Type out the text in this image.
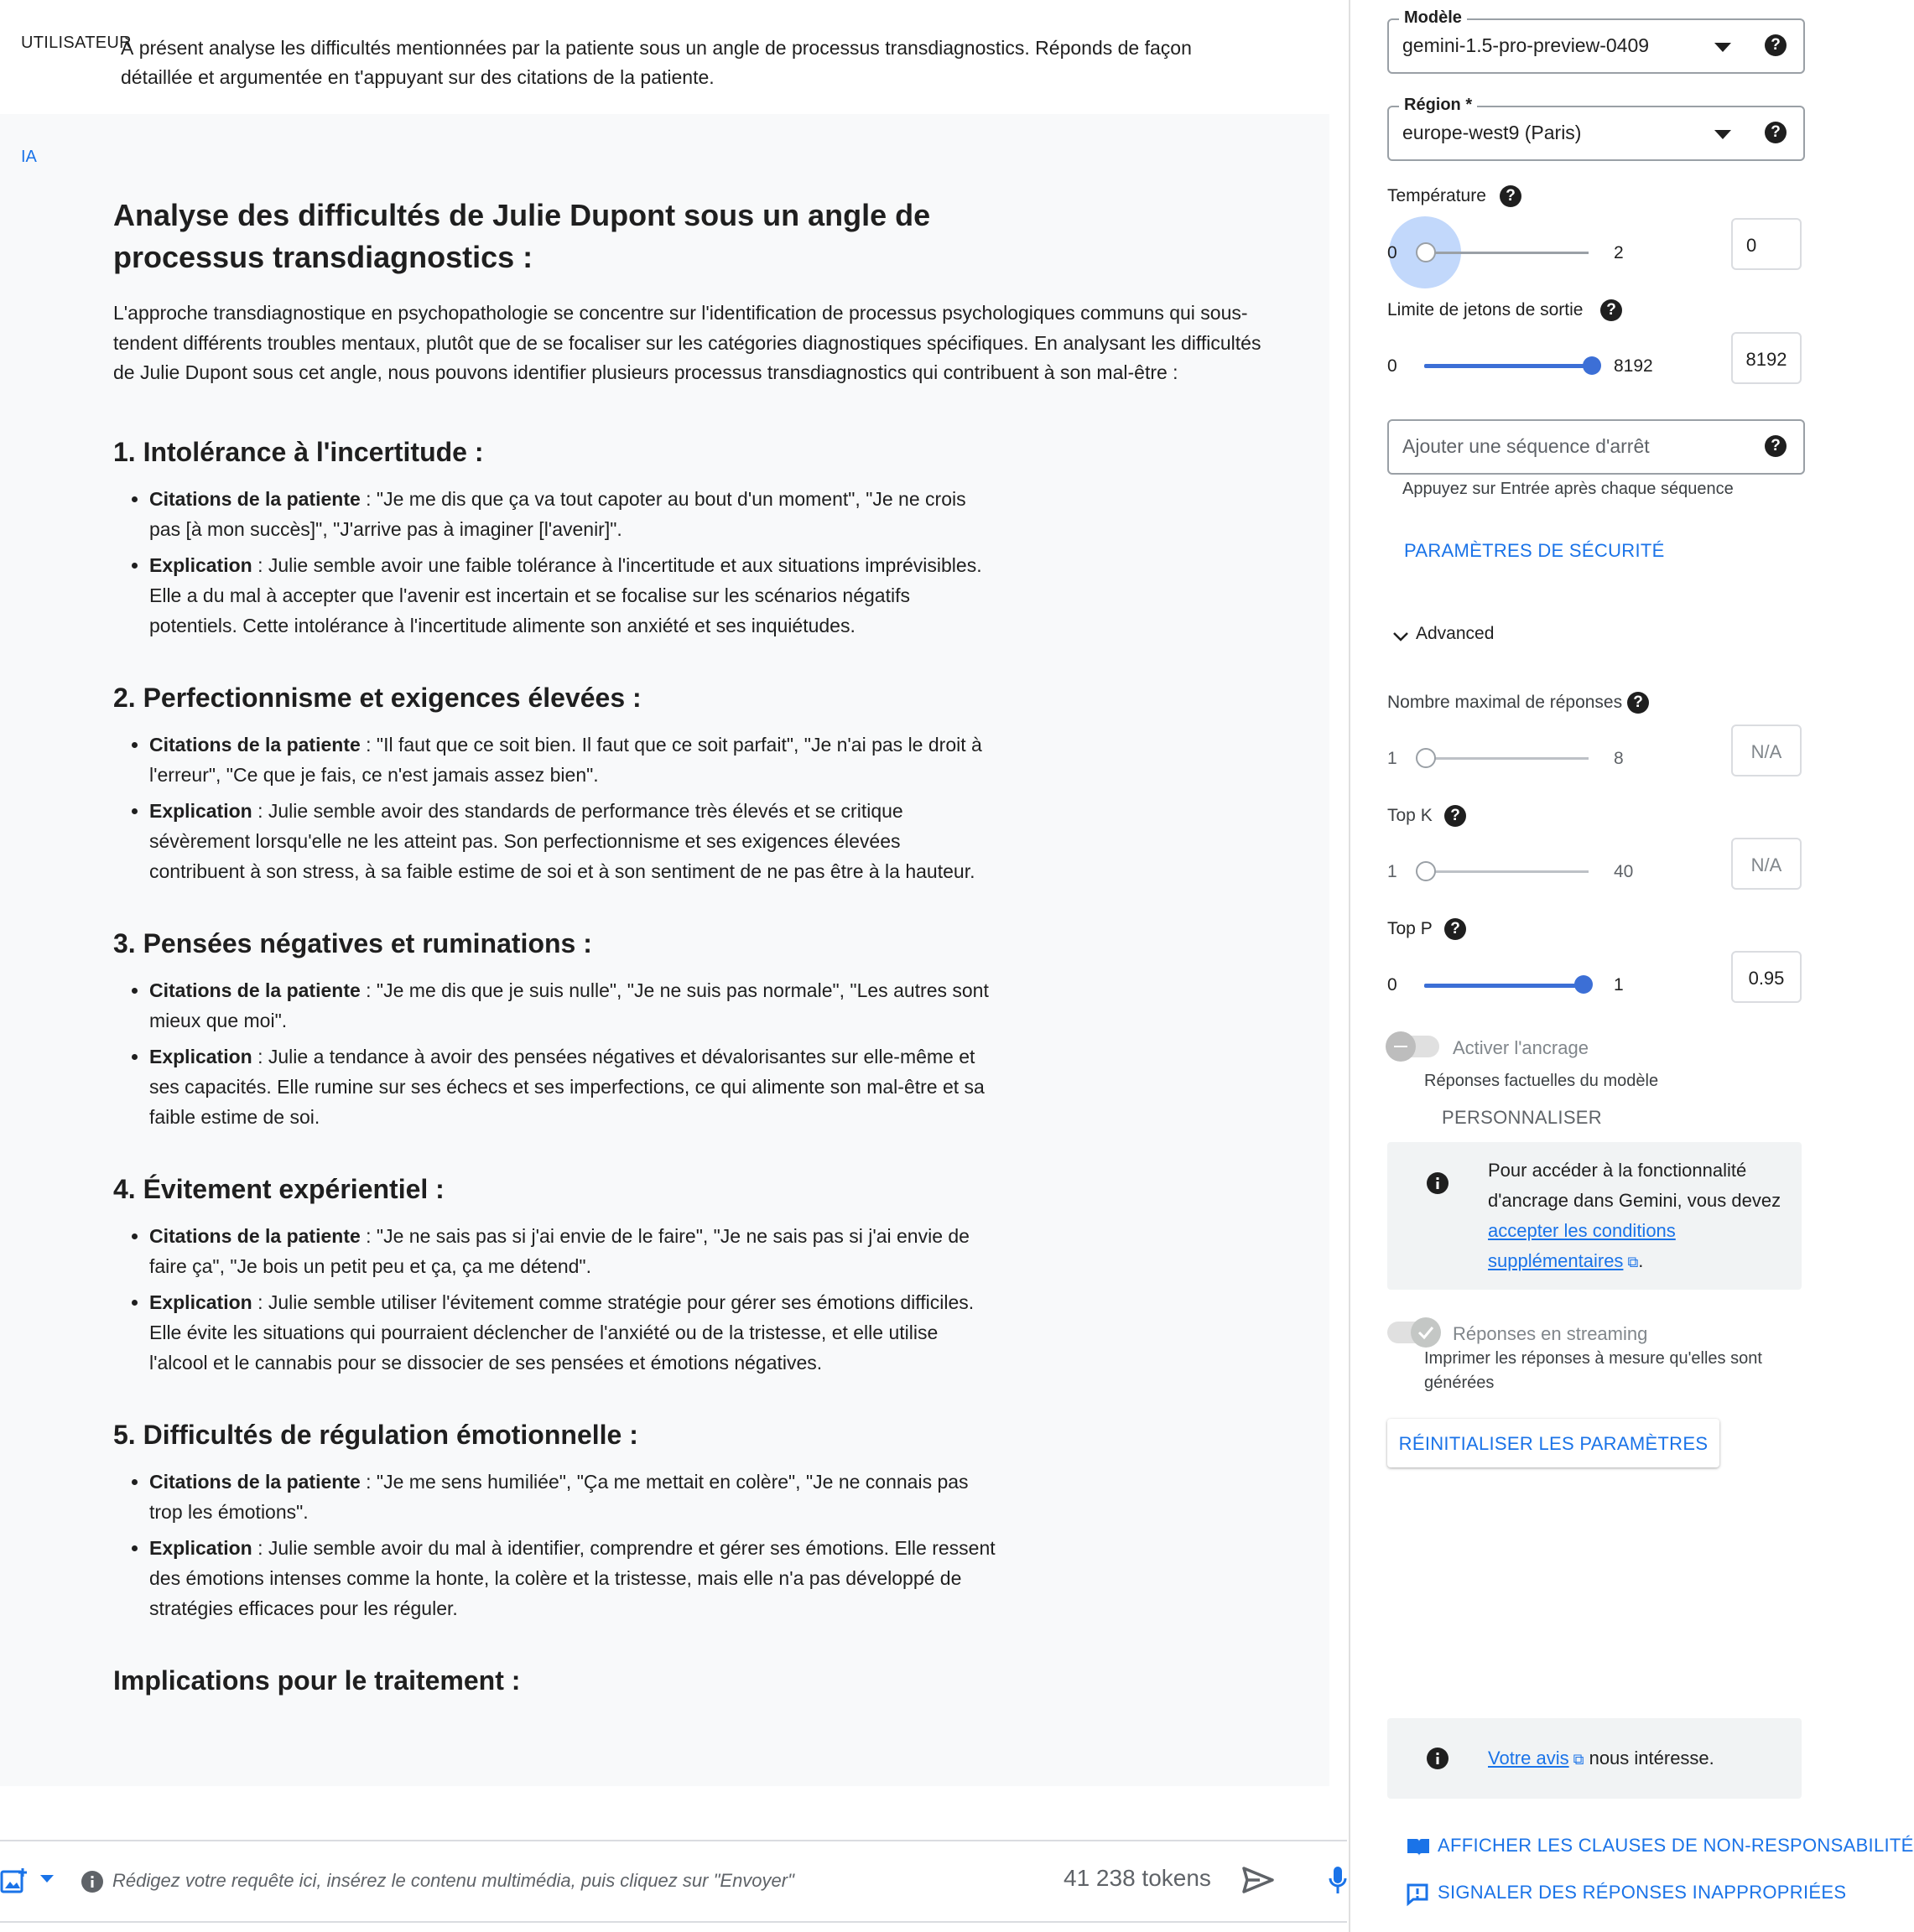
UTILISATEUR
À présent analyse les difficultés mentionnées par la patiente sous un angle de processus transdiagnostics. Réponds de façon détaillée et argumentée en t'appuyant sur des citations de la patiente.
IA
Analyse des difficultés de Julie Dupont sous un angle de processus transdiagnostics :

L'approche transdiagnostique en psychopathologie se concentre sur l'identification de processus psychologiques communs qui sous-tendent différents troubles mentaux, plutôt que de se focaliser sur les catégories diagnostiques spécifiques. En analysant les difficultés de Julie Dupont sous cet angle, nous pouvons identifier plusieurs processus transdiagnostics qui contribuent à son mal-être :

1. Intolérance à l'incertitude :
• Citations de la patiente : "Je me dis que ça va tout capoter au bout d'un moment", "Je ne crois pas [à mon succès]", "J'arrive pas à imaginer [l'avenir]".
• Explication : Julie semble avoir une faible tolérance à l'incertitude et aux situations imprévisibles. Elle a du mal à accepter que l'avenir est incertain et se focalise sur les scénarios négatifs potentiels. Cette intolérance à l'incertitude alimente son anxiété et ses inquiétudes.
2. Perfectionnisme et exigences élevées :
• Citations de la patiente : "Il faut que ce soit bien. Il faut que ce soit parfait", "Je n'ai pas le droit à l'erreur", "Ce que je fais, ce n'est jamais assez bien".
• Explication : Julie semble avoir des standards de performance très élevés et se critique sévèrement lorsqu'elle ne les atteint pas. Son perfectionnisme et ses exigences élevées contribuent à son stress, à sa faible estime de soi et à son sentiment de ne pas être à la hauteur.
3. Pensées négatives et ruminations :
• Citations de la patiente : "Je me dis que je suis nulle", "Je ne suis pas normale", "Les autres sont mieux que moi".
• Explication : Julie a tendance à avoir des pensées négatives et dévalorisantes sur elle-même et ses capacités. Elle rumine sur ses échecs et ses imperfections, ce qui alimente son mal-être et sa faible estime de soi.
4. Évitement expérientiel :
• Citations de la patiente : "Je ne sais pas si j'ai envie de le faire", "Je ne sais pas si j'ai envie de faire ça", "Je bois un petit peu et ça, ça me détend".
• Explication : Julie semble utiliser l'évitement comme stratégie pour gérer ses émotions difficiles. Elle évite les situations qui pourraient déclencher de l'anxiété ou de la tristesse, et elle utilise l'alcool et le cannabis pour se dissocier de ses pensées et émotions négatives.
5. Difficultés de régulation émotionnelle :
• Citations de la patiente : "Je me sens humiliée", "Ça me mettait en colère", "Je ne connais pas trop les émotions".
• Explication : Julie semble avoir du mal à identifier, comprendre et gérer ses émotions. Elle ressent des émotions intenses comme la honte, la colère et la tristesse, mais elle n'a pas développé de stratégies efficaces pour les réguler.
Implications pour le traitement :
Rédigez votre requête ici, insérez le contenu multimédia, puis cliquez sur "Envoyer"
41 238 tokens
Modèle
gemini-1.5-pro-preview-0409	?
Région *
europe-west9 (Paris)	?
Température	?
0	2	0
Limite de jetons de sortie	?
0	8192	8192
Ajouter une séquence d'arrêt	?
Appuyez sur Entrée après chaque séquence
PARAMÈTRES DE SÉCURITÉ
Advanced
Nombre maximal de réponses ?
1	8	N/A
Top K	?
1	40	N/A
Top P	?
0	1	0.95
Activer l'ancrage
Réponses factuelles du modèle
PERSONNALISER
Pour accéder à la fonctionnalité d'ancrage dans Gemini, vous devez accepter les conditions supplémentaires ⧉.
Réponses en streaming
Imprimer les réponses à mesure qu'elles sont générées
RÉINITIALISER LES PARAMÈTRES
Votre avis ⧉ nous intéresse.
AFFICHER LES CLAUSES DE NON-RESPONSABILITÉ
SIGNALER DES RÉPONSES INAPPROPRIÉES
